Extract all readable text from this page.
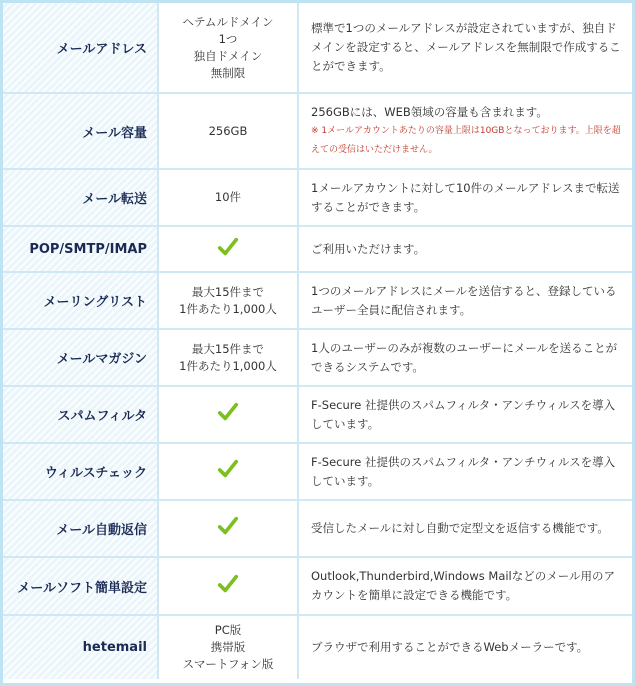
メールアドレス	ヘテムルドメイン
1つ
独自ドメイン
無制限	標準で1つのメールアドレスが設定されていますが、独自ドメインを設定すると、メールアドレスを無制限で作成することができます。
メール容量	256GB	256GBには、WEB領域の容量も含まれます。
※ 1メールアカウントあたりの容量上限は10GBとなっております。上限を超えての受信はいただけません。

メール転送	10件	1メールアカウントに対して10件のメールアドレスまで転送することができます。
POP/SMTP/IMAP		ご利用いただけます。
メーリングリスト	最大15件まで
1件あたり1,000人	1つのメールアドレスにメールを送信すると、登録しているユーザー全員に配信されます。
メールマガジン	最大15件まで
1件あたり1,000人	1人のユーザーのみが複数のユーザーにメールを送ることができるシステムです。
スパムフィルタ		F-Secure 社提供のスパムフィルタ・アンチウィルスを導入しています。
ウィルスチェック		F-Secure 社提供のスパムフィルタ・アンチウィルスを導入しています。
メール自動返信		受信したメールに対し自動で定型文を返信する機能です。
メールソフト簡単設定		Outlook,Thunderbird,Windows Mailなどのメール用のアカウントを簡単に設定できる機能です。
hetemail	PC版
携帯版
スマートフォン版	ブラウザで利用することができるWebメーラーです。
